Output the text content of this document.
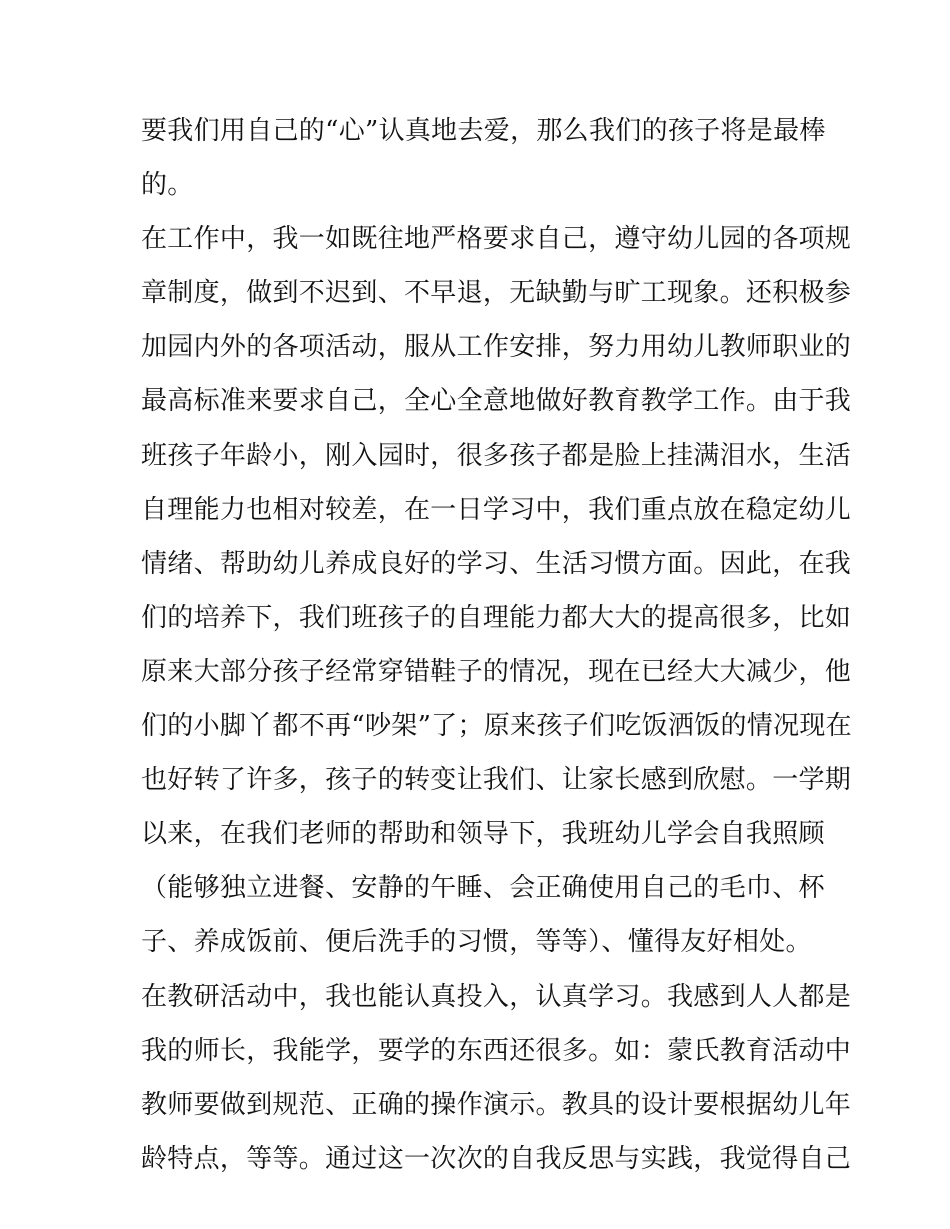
要我们用自己的“心”认真地去爱，那么我们的孩子将是最棒
的。
在工作中，我一如既往地严格要求自己，遵守幼儿园的各项规
章制度，做到不迟到、不早退，无缺勤与旷工现象。还积极参
加园内外的各项活动，服从工作安排，努力用幼儿教师职业的
最高标准来要求自己，全心全意地做好教育教学工作。由于我
班孩子年龄小，刚入园时，很多孩子都是脸上挂满泪水，生活
自理能力也相对较差，在一日学习中，我们重点放在稳定幼儿
情绪、帮助幼儿养成良好的学习、生活习惯方面。因此，在我
们的培养下，我们班孩子的自理能力都大大的提高很多，比如
原来大部分孩子经常穿错鞋子的情况，现在已经大大减少，他
们的小脚丫都不再“吵架”了；原来孩子们吃饭洒饭的情况现在
也好转了许多，孩子的转变让我们、让家长感到欣慰。一学期
以来，在我们老师的帮助和领导下，我班幼儿学会自我照顾
（能够独立进餐、安静的午睡、会正确使用自己的毛巾、杯
子、养成饭前、便后洗手的习惯，等等）、懂得友好相处。
在教研活动中，我也能认真投入，认真学习。我感到人人都是
我的师长，我能学，要学的东西还很多。如：蒙氏教育活动中
教师要做到规范、正确的操作演示。教具的设计要根据幼儿年
龄特点，等等。通过这一次次的自我反思与实践，我觉得自己
